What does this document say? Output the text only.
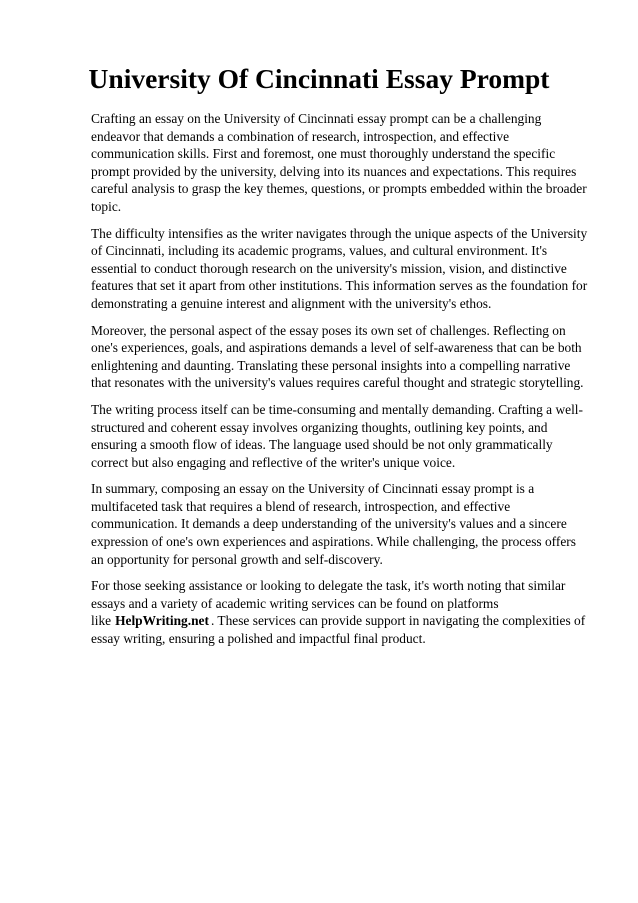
University Of Cincinnati Essay Prompt

Crafting an essay on the University of Cincinnati essay prompt can be a challenging endeavor that demands a combination of research, introspection, and effective communication skills. First and foremost, one must thoroughly understand the specific prompt provided by the university, delving into its nuances and expectations. This requires careful analysis to grasp the key themes, questions, or prompts embedded within the broader topic.

The difficulty intensifies as the writer navigates through the unique aspects of the University of Cincinnati, including its academic programs, values, and cultural environment. It's essential to conduct thorough research on the university's mission, vision, and distinctive features that set it apart from other institutions. This information serves as the foundation for demonstrating a genuine interest and alignment with the university's ethos.

Moreover, the personal aspect of the essay poses its own set of challenges. Reflecting on one's experiences, goals, and aspirations demands a level of self-awareness that can be both enlightening and daunting. Translating these personal insights into a compelling narrative that resonates with the university's values requires careful thought and strategic storytelling.

The writing process itself can be time-consuming and mentally demanding. Crafting a well-structured and coherent essay involves organizing thoughts, outlining key points, and ensuring a smooth flow of ideas. The language used should be not only grammatically correct but also engaging and reflective of the writer's unique voice.

In summary, composing an essay on the University of Cincinnati essay prompt is a multifaceted task that requires a blend of research, introspection, and effective communication. It demands a deep understanding of the university's values and a sincere expression of one's own experiences and aspirations. While challenging, the process offers an opportunity for personal growth and self-discovery.

For those seeking assistance or looking to delegate the task, it's worth noting that similar essays and a variety of academic writing services can be found on platforms like HelpWriting.net . These services can provide support in navigating the complexities of essay writing, ensuring a polished and impactful final product.
